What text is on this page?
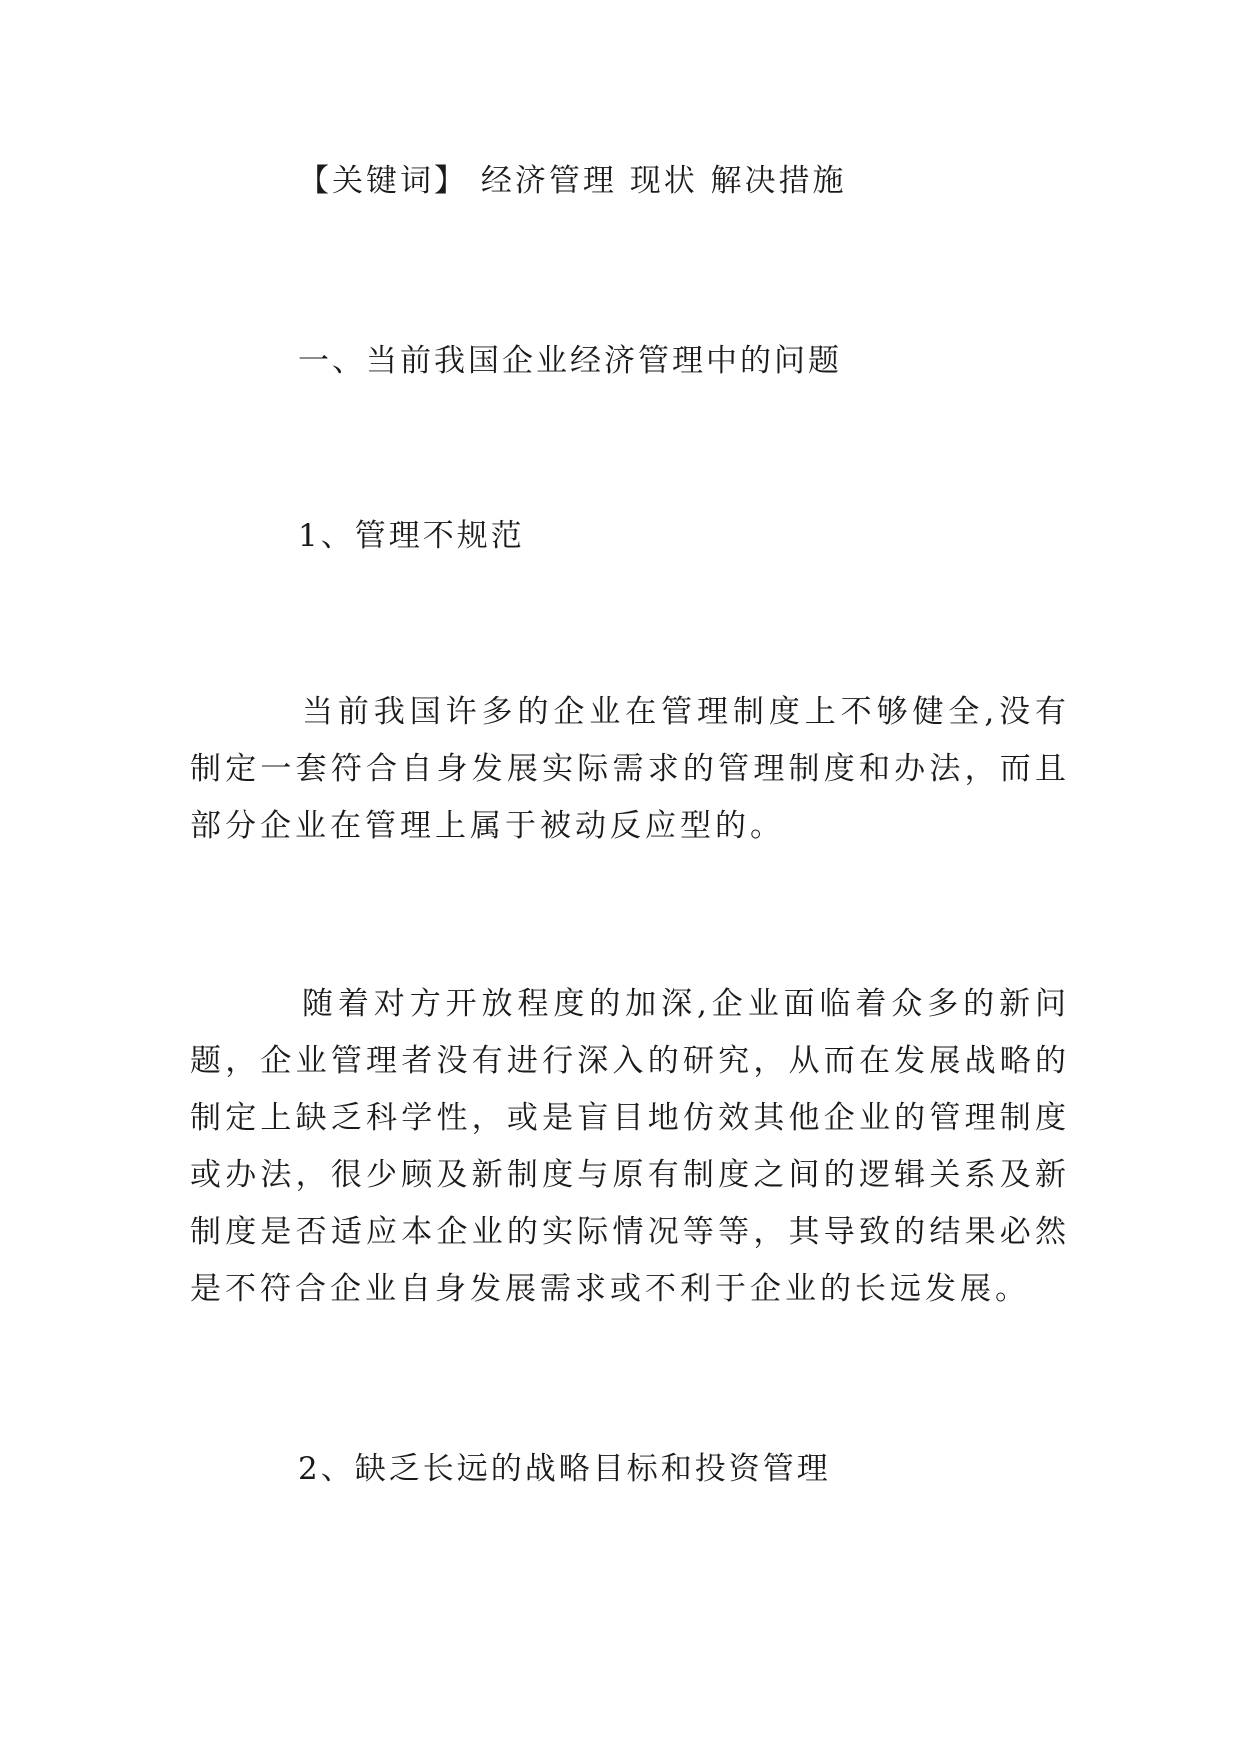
【关键词】 经济管理 现状 解决措施
一、当前我国企业经济管理中的问题
1、管理不规范
当前我国许多的企业在管理制度上不够健全,没有制定一套符合自身发展实际需求的管理制度和办法，而且部分企业在管理上属于被动反应型的。
随着对方开放程度的加深,企业面临着众多的新问题，企业管理者没有进行深入的研究，从而在发展战略的制定上缺乏科学性，或是盲目地仿效其他企业的管理制度或办法，很少顾及新制度与原有制度之间的逻辑关系及新制度是否适应本企业的实际情况等等，其导致的结果必然是不符合企业自身发展需求或不利于企业的长远发展。
2、缺乏长远的战略目标和投资管理
